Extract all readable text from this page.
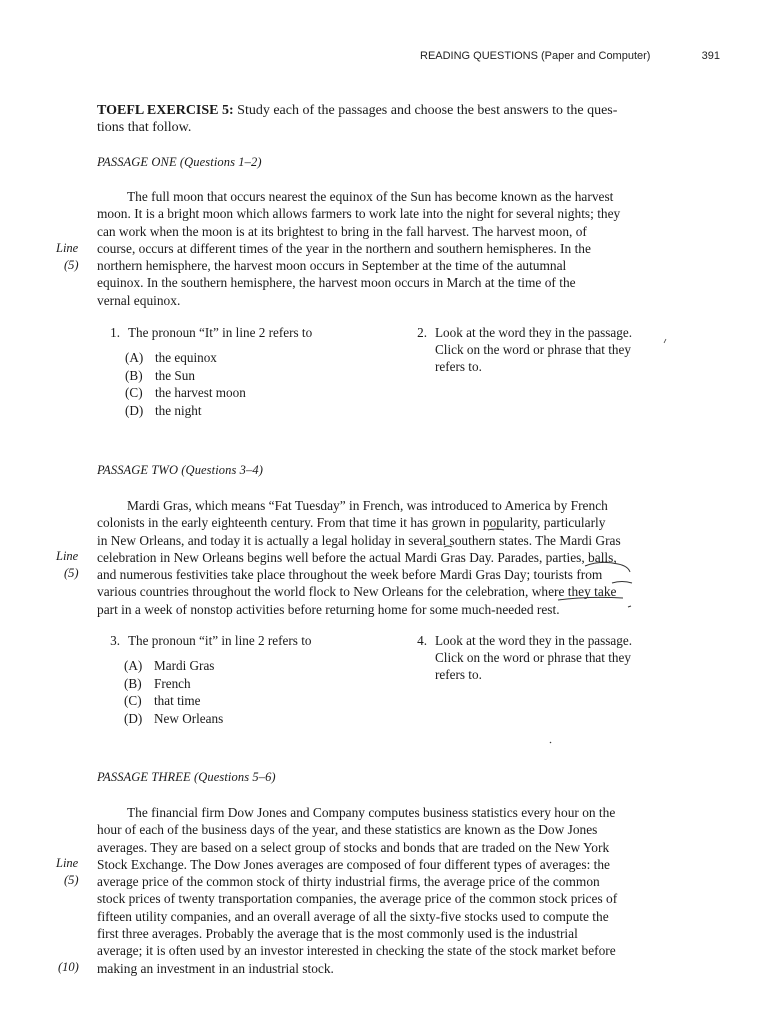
READING QUESTIONS (Paper and Computer)	391
TOEFL EXERCISE 5: Study each of the passages and choose the best answers to the ques-
tions that follow.
PASSAGE ONE (Questions 1–2)
The full moon that occurs nearest the equinox of the Sun has become known as the harvest
moon. It is a bright moon which allows farmers to work late into the night for several nights; they
can work when the moon is at its brightest to bring in the fall harvest. The harvest moon, of
course, occurs at different times of the year in the northern and southern hemispheres. In the
northern hemisphere, the harvest moon occurs in September at the time of the autumnal
equinox. In the southern hemisphere, the harvest moon occurs in March at the time of the
vernal equinox.
Line
(5)
1. The pronoun “It” in line 2 refers to
(A) the equinox
(B) the Sun
(C) the harvest moon
(D) the night
2. Look at the word they in the passage.
Click on the word or phrase that they
refers to.
PASSAGE TWO (Questions 3–4)
Mardi Gras, which means “Fat Tuesday” in French, was introduced to America by French
colonists in the early eighteenth century. From that time it has grown in popularity, particularly
in New Orleans, and today it is actually a legal holiday in several southern states. The Mardi Gras
celebration in New Orleans begins well before the actual Mardi Gras Day. Parades, parties, balls,
and numerous festivities take place throughout the week before Mardi Gras Day; tourists from
various countries throughout the world flock to New Orleans for the celebration, where they take
part in a week of nonstop activities before returning home for some much-needed rest.
Line
(5)
3. The pronoun “it” in line 2 refers to
(A) Mardi Gras
(B) French
(C) that time
(D) New Orleans
4. Look at the word they in the passage.
Click on the word or phrase that they
refers to.
PASSAGE THREE (Questions 5–6)
The financial firm Dow Jones and Company computes business statistics every hour on the
hour of each of the business days of the year, and these statistics are known as the Dow Jones
averages. They are based on a select group of stocks and bonds that are traded on the New York
Stock Exchange. The Dow Jones averages are composed of four different types of averages: the
average price of the common stock of thirty industrial firms, the average price of the common
stock prices of twenty transportation companies, the average price of the common stock prices of
fifteen utility companies, and an overall average of all the sixty-five stocks used to compute the
first three averages. Probably the average that is the most commonly used is the industrial
average; it is often used by an investor interested in checking the state of the stock market before
making an investment in an industrial stock.
Line
(5)
(10)
